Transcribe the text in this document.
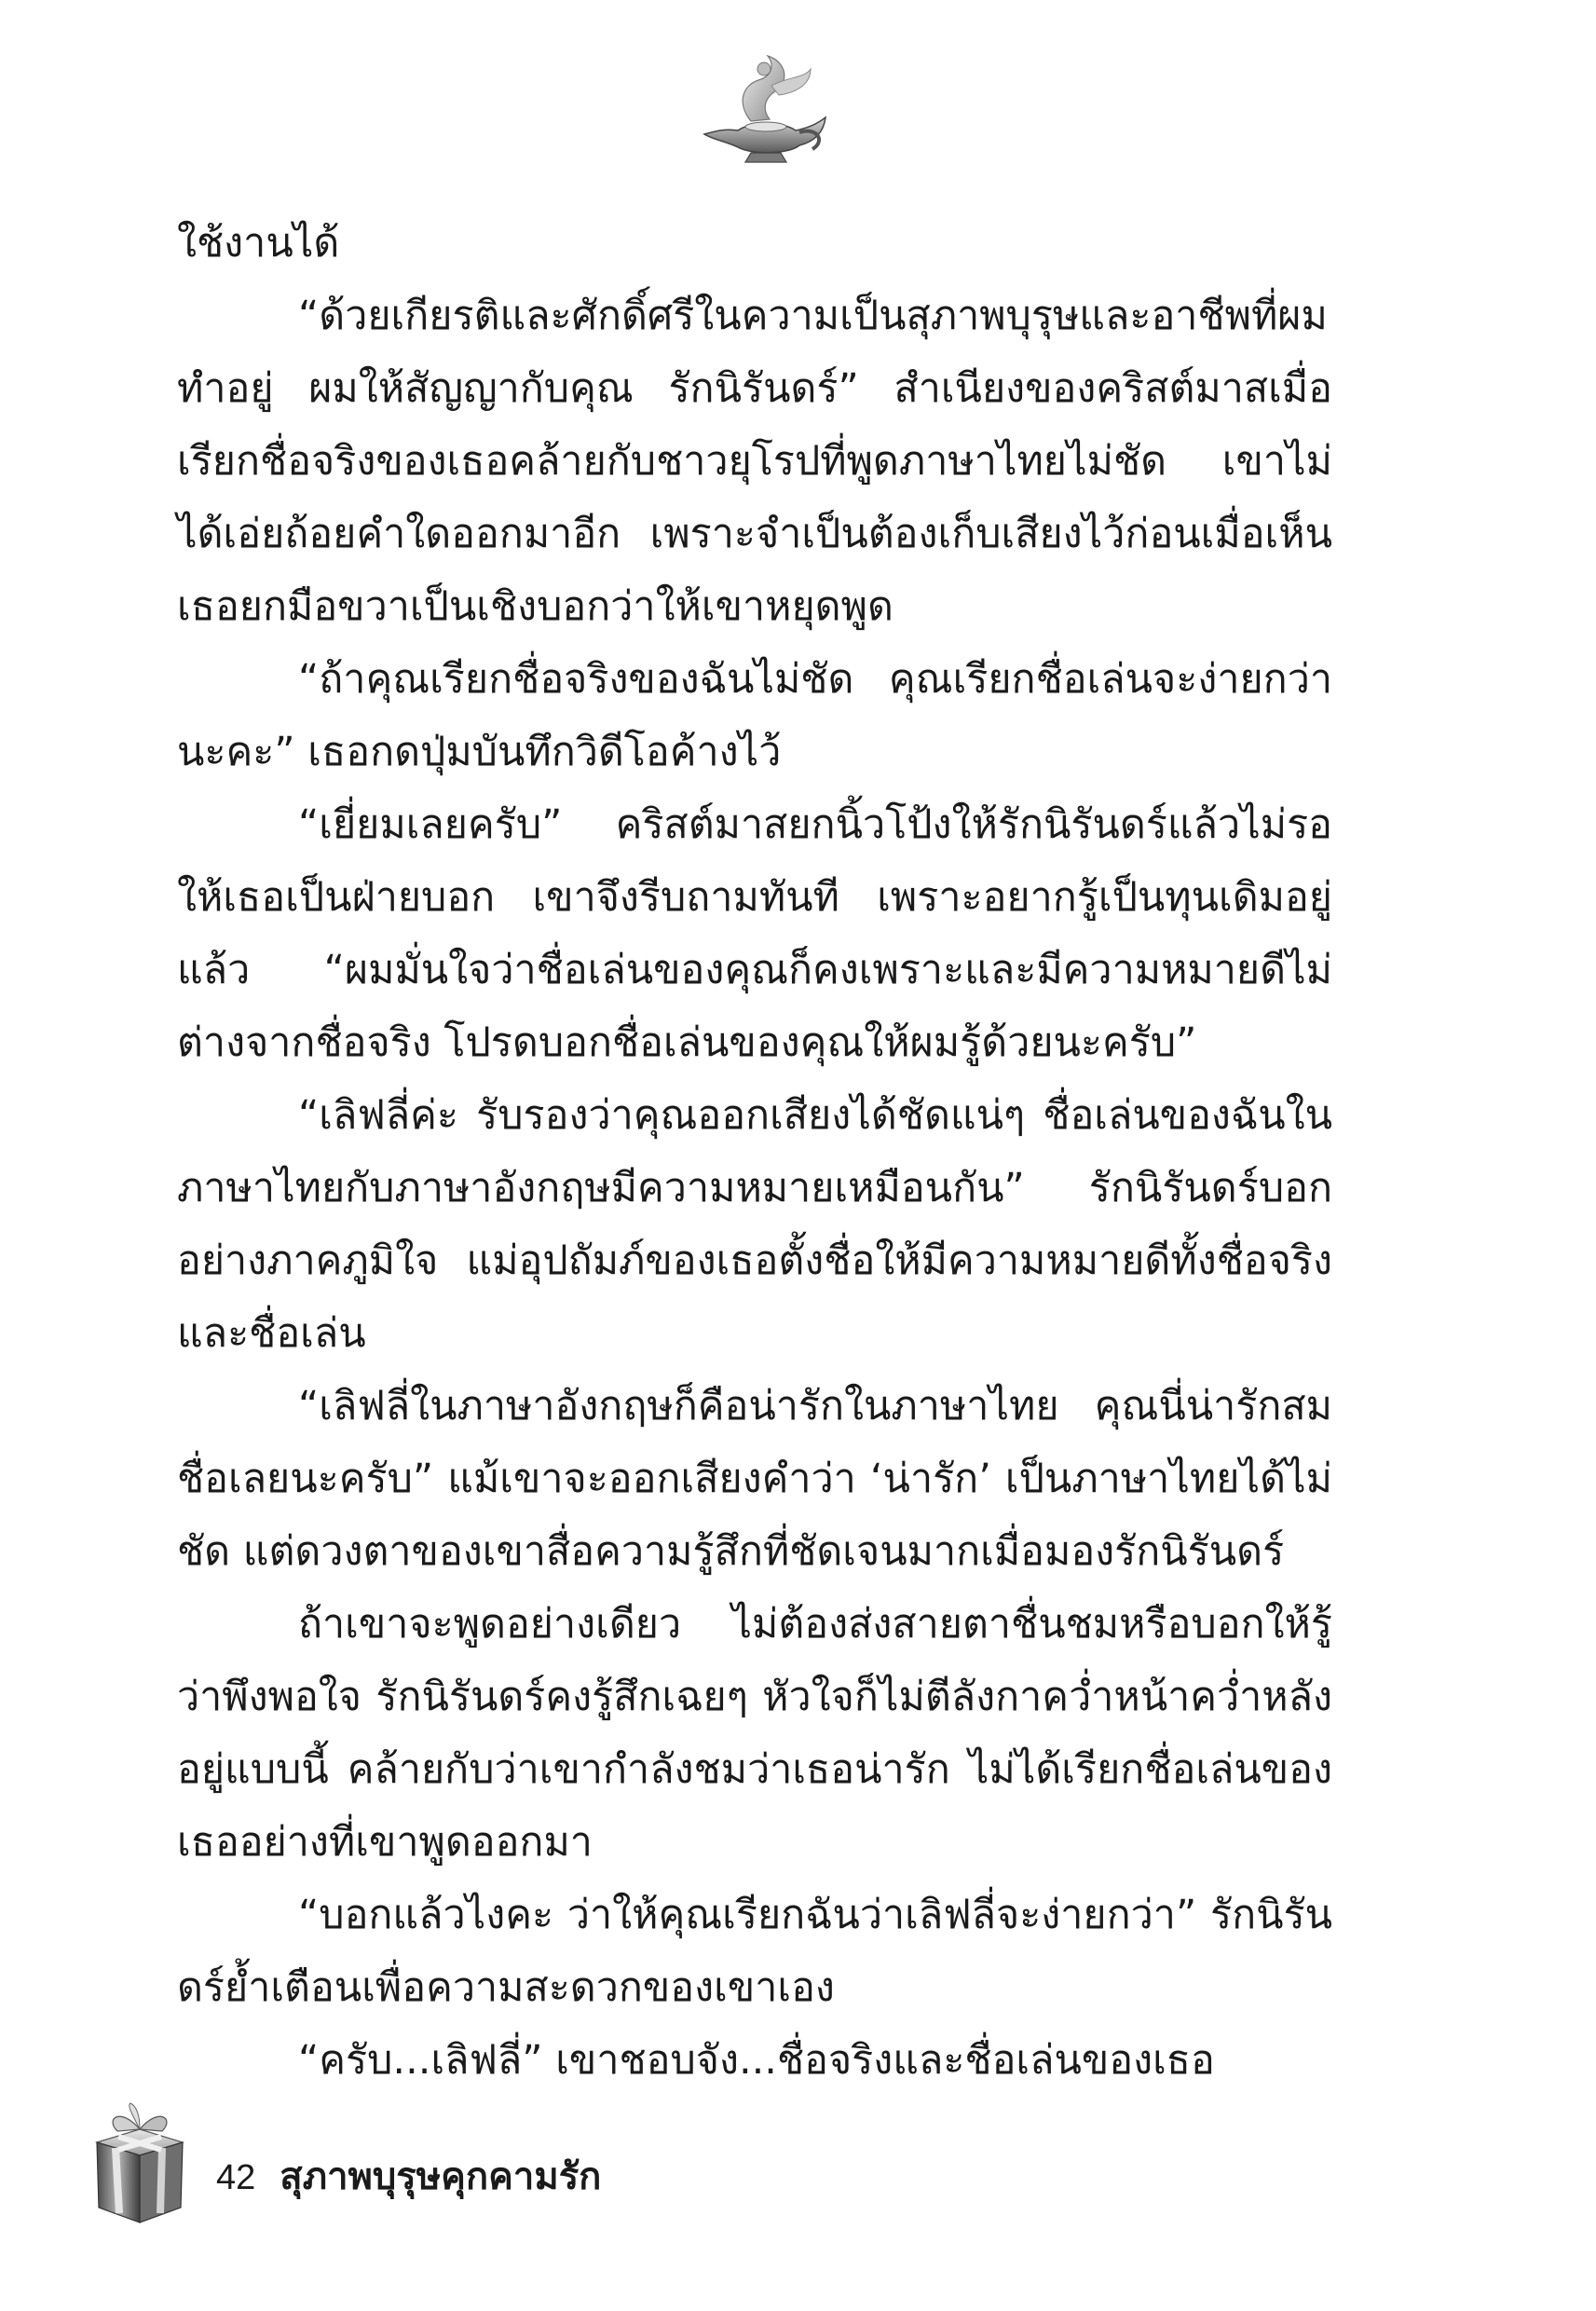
ใช้งานได้

“ด้วยเกียรติและศักดิ์ศรีในความเป็นสุภาพบุรุษและอาชีพที่ผมทำอยู่ ผมให้สัญญากับคุณ รักนิรันดร์” สำเนียงของคริสต์มาสเมื่อเรียกชื่อจริงของเธอคล้ายกับชาวยุโรปที่พูดภาษาไทยไม่ชัด เขาไม่ได้เอ่ยถ้อยคำใดออกมาอีก เพราะจำเป็นต้องเก็บเสียงไว้ก่อนเมื่อเห็นเธอยกมือขวาเป็นเชิงบอกว่าให้เขาหยุดพูด

“ถ้าคุณเรียกชื่อจริงของฉันไม่ชัด คุณเรียกชื่อเล่นจะง่ายกว่านะคะ” เธอกดปุ่มบันทึกวิดีโอค้างไว้

“เยี่ยมเลยครับ” คริสต์มาสยกนิ้วโป้งให้รักนิรันดร์แล้วไม่รอให้เธอเป็นฝ่ายบอก เขาจึงรีบถามทันที เพราะอยากรู้เป็นทุนเดิมอยู่แล้ว “ผมมั่นใจว่าชื่อเล่นของคุณก็คงเพราะและมีความหมายดีไม่ต่างจากชื่อจริง โปรดบอกชื่อเล่นของคุณให้ผมรู้ด้วยนะครับ”

“เลิฟลี่ค่ะ รับรองว่าคุณออกเสียงได้ชัดแน่ๆ ชื่อเล่นของฉันในภาษาไทยกับภาษาอังกฤษมีความหมายเหมือนกัน” รักนิรันดร์บอกอย่างภาคภูมิใจ แม่อุปถัมภ์ของเธอตั้งชื่อให้มีความหมายดีทั้งชื่อจริงและชื่อเล่น

“เลิฟลี่ในภาษาอังกฤษก็คือน่ารักในภาษาไทย คุณนี่น่ารักสมชื่อเลยนะครับ” แม้เขาจะออกเสียงคำว่า ‘น่ารัก’ เป็นภาษาไทยได้ไม่ชัด แต่ดวงตาของเขาสื่อความรู้สึกที่ชัดเจนมากเมื่อมองรักนิรันดร์

ถ้าเขาจะพูดอย่างเดียว ไม่ต้องส่งสายตาชื่นชมหรือบอกให้รู้ว่าพึงพอใจ รักนิรันดร์คงรู้สึกเฉยๆ หัวใจก็ไม่ตีลังกาคว่ำหน้าคว่ำหลังอยู่แบบนี้ คล้ายกับว่าเขากำลังชมว่าเธอน่ารัก ไม่ได้เรียกชื่อเล่นของเธออย่างที่เขาพูดออกมา

“บอกแล้วไงคะ ว่าให้คุณเรียกฉันว่าเลิฟลี่จะง่ายกว่า” รักนิรันดร์ย้ำเตือนเพื่อความสะดวกของเขาเอง

“ครับ...เลิฟลี่” เขาชอบจัง...ชื่อจริงและชื่อเล่นของเธอ

42 สุภาพบุรุษคุกคามรัก
